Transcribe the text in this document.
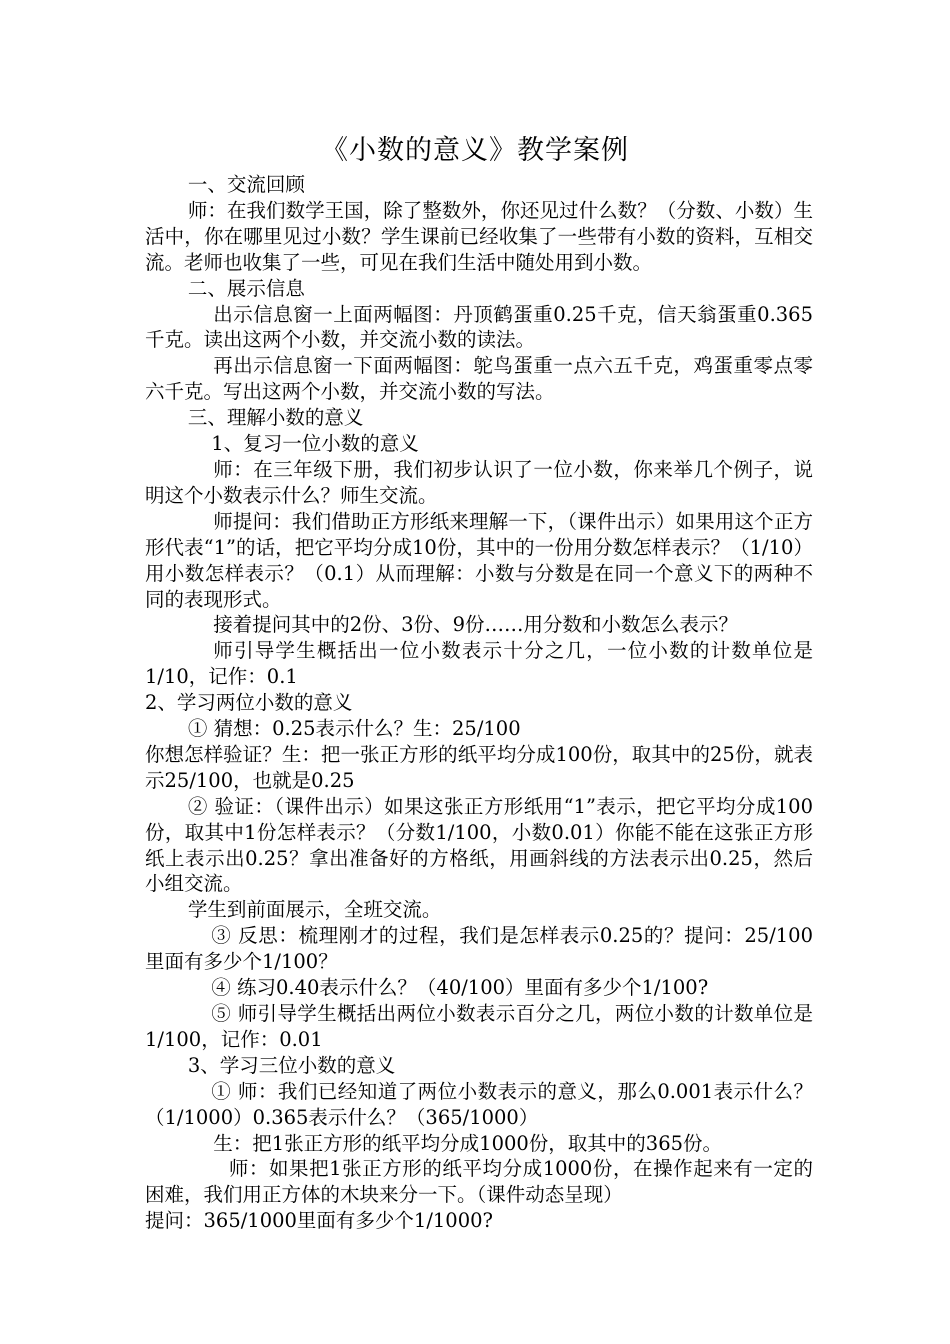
《小数的意义》教学案例

一、交流回顾

师：在我们数学王国，除了整数外，你还见过什么数？（分数、小数）生活中，你在哪里见过小数？学生课前已经收集了一些带有小数的资料，互相交流。老师也收集了一些，可见在我们生活中随处用到小数。

二、展示信息

出示信息窗一上面两幅图：丹顶鹤蛋重0.25千克，信天翁蛋重0.365千克。读出这两个小数，并交流小数的读法。

再出示信息窗一下面两幅图：鸵鸟蛋重一点六五千克，鸡蛋重零点零六千克。写出这两个小数，并交流小数的写法。

三、理解小数的意义

1、复习一位小数的意义

师：在三年级下册，我们初步认识了一位小数，你来举几个例子，说明这个小数表示什么？师生交流。

师提问：我们借助正方形纸来理解一下，（课件出示）如果用这个正方形代表“1”的话，把它平均分成10份，其中的一份用分数怎样表示？（1/10）用小数怎样表示？（0.1）从而理解：小数与分数是在同一个意义下的两种不同的表现形式。

接着提问其中的2份、3份、9份……用分数和小数怎么表示？

师引导学生概括出一位小数表示十分之几，一位小数的计数单位是1/10，记作：0.1

2、学习两位小数的意义

① 猜想：0.25表示什么？生：25/100

你想怎样验证？生：把一张正方形的纸平均分成100份，取其中的25份，就表示25/100，也就是0.25

② 验证：（课件出示）如果这张正方形纸用“1”表示，把它平均分成100份，取其中1份怎样表示？（分数1/100，小数0.01）你能不能在这张正方形纸上表示出0.25？拿出准备好的方格纸，用画斜线的方法表示出0.25，然后小组交流。

学生到前面展示，全班交流。

③ 反思：梳理刚才的过程，我们是怎样表示0.25的？提问：25/100里面有多少个1/100？

④ 练习0.40表示什么？（40/100）里面有多少个1/100?

⑤ 师引导学生概括出两位小数表示百分之几，两位小数的计数单位是1/100，记作：0.01

3、学习三位小数的意义

① 师：我们已经知道了两位小数表示的意义，那么0.001表示什么？（1/1000）0.365表示什么？（365/1000）

生：把1张正方形的纸平均分成1000份，取其中的365份。

师：如果把1张正方形的纸平均分成1000份，在操作起来有一定的困难，我们用正方体的木块来分一下。（课件动态呈现）

提问：365/1000里面有多少个1/1000?
